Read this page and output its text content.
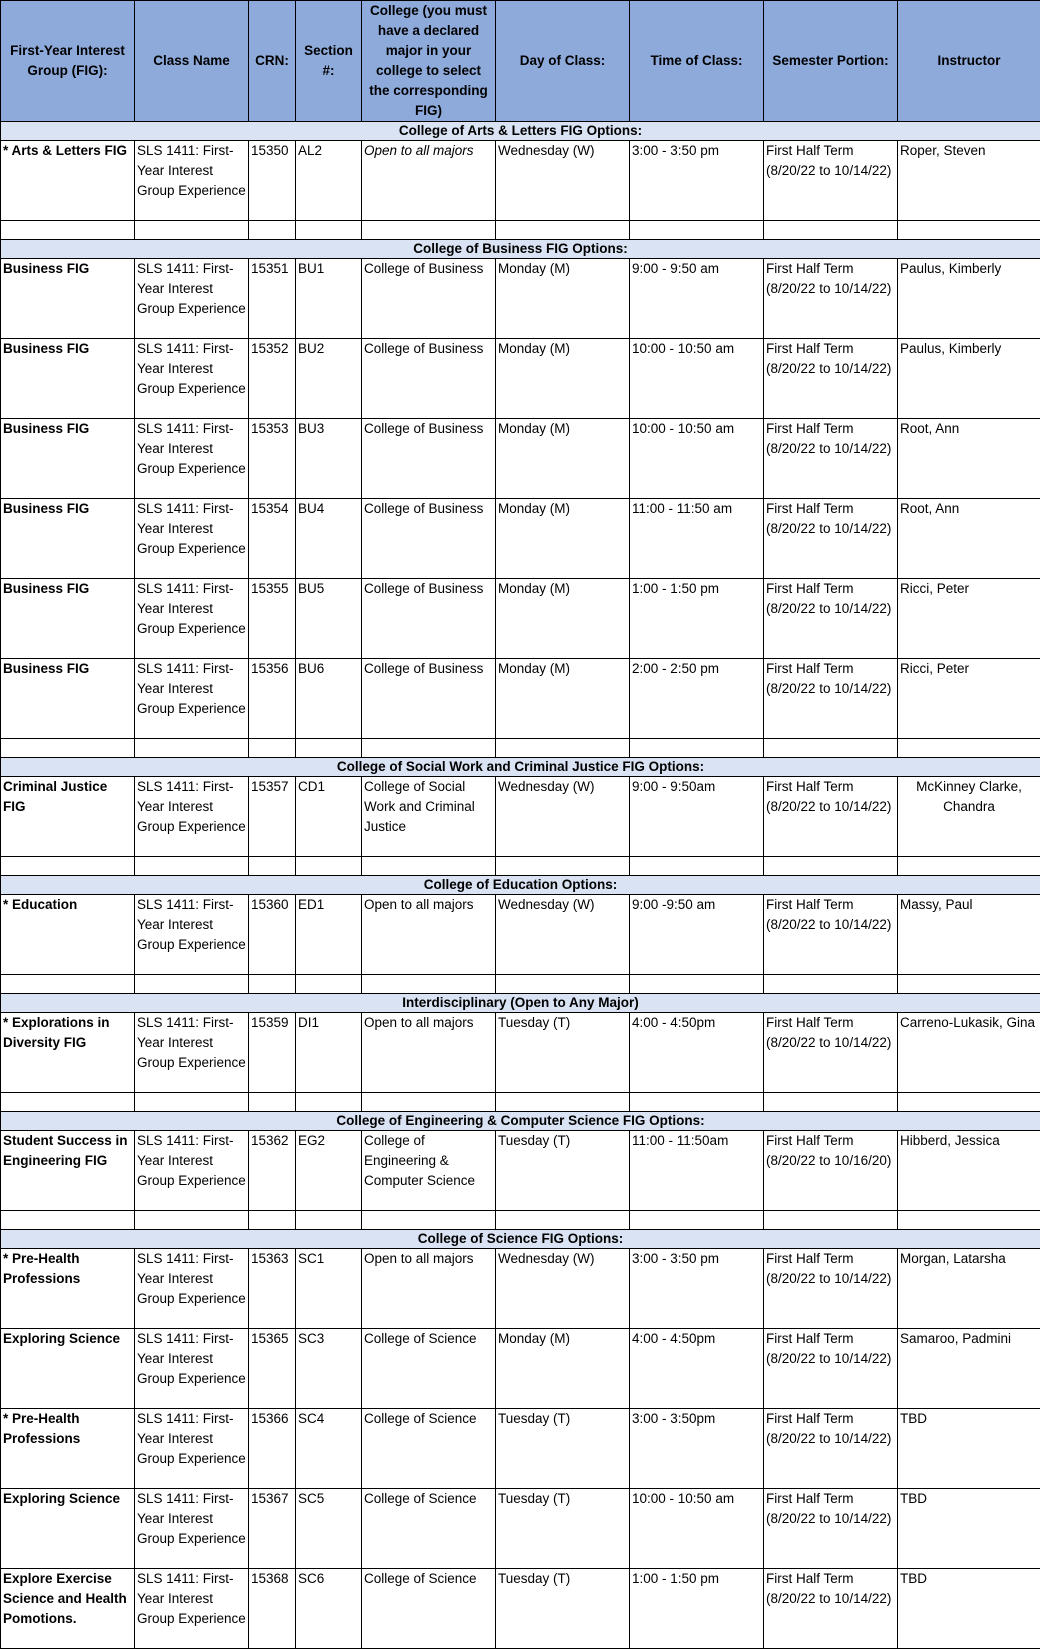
First-Year Interest Group (FIG):	Class Name	CRN:	Section #:	College (you must have a declared major in your college to select the corresponding FIG)	Day of Class:	Time of Class:	Semester Portion:	Instructor
College of Arts & Letters FIG Options:								
* Arts & Letters FIG	SLS 1411: First-Year Interest Group Experience	15350	AL2	Open to all majors	Wednesday (W)	3:00 - 3:50 pm	First Half Term (8/20/22 to 10/14/22)	Roper, Steven

College of Business FIG Options:								
Business FIG	SLS 1411: First-Year Interest Group Experience	15351	BU1	College of Business	Monday (M)	9:00 - 9:50 am	First Half Term (8/20/22 to 10/14/22)	Paulus, Kimberly
Business FIG	SLS 1411: First-Year Interest Group Experience	15352	BU2	College of Business	Monday (M)	10:00 - 10:50 am	First Half Term (8/20/22 to 10/14/22)	Paulus, Kimberly
Business FIG	SLS 1411: First-Year Interest Group Experience	15353	BU3	College of Business	Monday (M)	10:00 - 10:50 am	First Half Term (8/20/22 to 10/14/22)	Root, Ann
Business FIG	SLS 1411: First-Year Interest Group Experience	15354	BU4	College of Business	Monday (M)	11:00 - 11:50 am	First Half Term (8/20/22 to 10/14/22)	Root, Ann
Business FIG	SLS 1411: First-Year Interest Group Experience	15355	BU5	College of Business	Monday (M)	1:00 - 1:50 pm	First Half Term (8/20/22 to 10/14/22)	Ricci, Peter
Business FIG	SLS 1411: First-Year Interest Group Experience	15356	BU6	College of Business	Monday (M)	2:00 - 2:50 pm	First Half Term (8/20/22 to 10/14/22)	Ricci, Peter

College of Social Work and Criminal Justice FIG Options:								
Criminal Justice FIG	SLS 1411: First-Year Interest Group Experience	15357	CD1	College of Social Work and Criminal Justice	Wednesday (W)	9:00 - 9:50am	First Half Term (8/20/22 to 10/14/22)	McKinney Clarke, Chandra

College of Education Options:								
* Education	SLS 1411: First-Year Interest Group Experience	15360	ED1	Open to all majors	Wednesday (W)	9:00 -9:50 am	First Half Term (8/20/22 to 10/14/22)	Massy, Paul

Interdisciplinary (Open to Any Major)								
* Explorations in Diversity FIG	SLS 1411: First-Year Interest Group Experience	15359	DI1	Open to all majors	Tuesday (T)	4:00 - 4:50pm	First Half Term (8/20/22 to 10/14/22)	Carreno-Lukasik, Gina

College of Engineering & Computer Science FIG Options:								
Student Success in Engineering FIG	SLS 1411: First-Year Interest Group Experience	15362	EG2	College of Engineering & Computer Science	Tuesday (T)	11:00 - 11:50am	First Half Term (8/20/22 to 10/16/20)	Hibberd, Jessica

College of Science FIG Options:								
* Pre-Health Professions	SLS 1411: First-Year Interest Group Experience	15363	SC1	Open to all majors	Wednesday (W)	3:00 - 3:50 pm	First Half Term (8/20/22 to 10/14/22)	Morgan, Latarsha
Exploring Science	SLS 1411: First-Year Interest Group Experience	15365	SC3	College of Science	Monday (M)	4:00 - 4:50pm	First Half Term (8/20/22 to 10/14/22)	Samaroo, Padmini
* Pre-Health Professions	SLS 1411: First-Year Interest Group Experience	15366	SC4	College of Science	Tuesday (T)	3:00 - 3:50pm	First Half Term (8/20/22 to 10/14/22)	TBD
Exploring Science	SLS 1411: First-Year Interest Group Experience	15367	SC5	College of Science	Tuesday (T)	10:00 - 10:50 am	First Half Term (8/20/22 to 10/14/22)	TBD
Explore Exercise Science and Health Pomotions.	SLS 1411: First-Year Interest Group Experience	15368	SC6	College of Science	Tuesday (T)	1:00 - 1:50 pm	First Half Term (8/20/22 to 10/14/22)	TBD
